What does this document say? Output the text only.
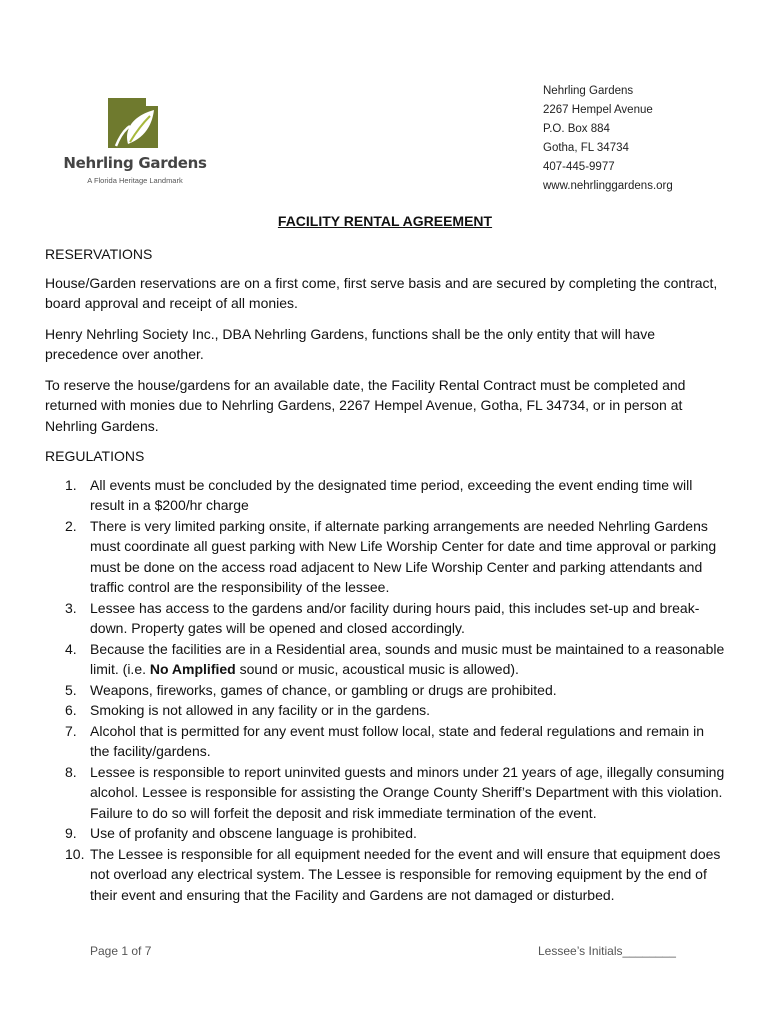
Nehrling Gardens
A Florida Heritage Landmark
Nehrling Gardens
2267 Hempel Avenue
P.O. Box 884
Gotha, FL 34734
407-445-9977
www.nehrlinggardens.org
FACILITY RENTAL AGREEMENT
RESERVATIONS

House/Garden reservations are on a first come, first serve basis and are secured by completing the contract, board approval and receipt of all monies.

Henry Nehrling Society Inc., DBA Nehrling Gardens, functions shall be the only entity that will have precedence over another.

To reserve the house/gardens for an available date, the Facility Rental Contract must be completed and returned with monies due to Nehrling Gardens, 2267 Hempel Avenue, Gotha, FL 34734, or in person at Nehrling Gardens.

REGULATIONS
1. All events must be concluded by the designated time period, exceeding the event ending time will result in a $200/hr charge
2. There is very limited parking onsite, if alternate parking arrangements are needed Nehrling Gardens must coordinate all guest parking with New Life Worship Center for date and time approval or parking must be done on the access road adjacent to New Life Worship Center and parking attendants and traffic control are the responsibility of the lessee.
3. Lessee has access to the gardens and/or facility during hours paid, this includes set-up and break-down. Property gates will be opened and closed accordingly.
4. Because the facilities are in a Residential area, sounds and music must be maintained to a reasonable limit. (i.e. No Amplified sound or music, acoustical music is allowed).
5. Weapons, fireworks, games of chance, or gambling or drugs are prohibited.
6. Smoking is not allowed in any facility or in the gardens.
7. Alcohol that is permitted for any event must follow local, state and federal regulations and remain in the facility/gardens.
8. Lessee is responsible to report uninvited guests and minors under 21 years of age, illegally consuming alcohol. Lessee is responsible for assisting the Orange County Sheriff’s Department with this violation. Failure to do so will forfeit the deposit and risk immediate termination of the event.
9. Use of profanity and obscene language is prohibited.
10. The Lessee is responsible for all equipment needed for the event and will ensure that equipment does not overload any electrical system. The Lessee is responsible for removing equipment by the end of their event and ensuring that the Facility and Gardens are not damaged or disturbed.
Page 1 of 7	Lessee’s Initials________
